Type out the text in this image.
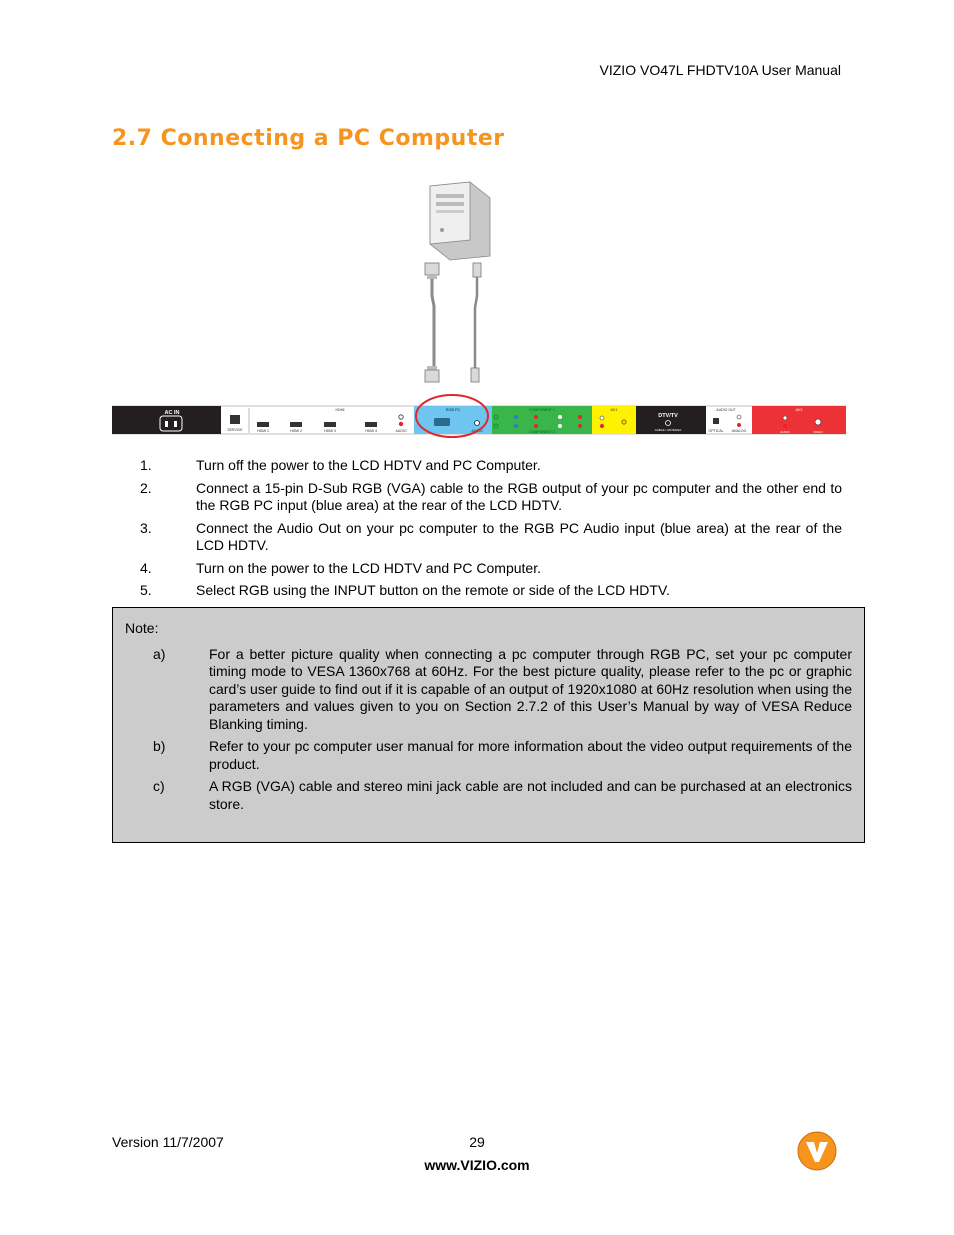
VIZIO VO47L FHDTV10A User Manual
2.7 Connecting a PC Computer
AC IN
SERVICE
HDMI
HDMI 1	HDMI 2	HDMI 3	HDMI 4	AUDIO
RGB PC
AUDIO
COMPONENT 1
COMPONENT 2
AV1
DTV/TV
CABLE / ANTENNA
AUDIO OUT
OPTICAL ANALOG
AV2
AUDIO	VIDEO
1.	Turn off the power to the LCD HDTV and PC Computer.
2.	Connect a 15-pin D-Sub RGB (VGA) cable to the RGB output of your pc computer and the other end to the RGB PC input (blue area) at the rear of the LCD HDTV.
3.	Connect the Audio Out on your pc computer to the RGB PC Audio input (blue area) at the rear of the LCD HDTV.
4.	Turn on the power to the LCD HDTV and PC Computer.
5.	Select RGB using the INPUT button on the remote or side of the LCD HDTV.
Note:
a)	For a better picture quality when connecting a pc computer through RGB PC, set your pc computer timing mode to VESA 1360x768 at 60Hz. For the best picture quality, please refer to the pc or graphic card’s user guide to find out if it is capable of an output of 1920x1080 at 60Hz resolution when using the parameters and values given to you on Section 2.7.2 of this User’s Manual by way of VESA Reduce Blanking timing.
b)	Refer to your pc computer user manual for more information about the video output requirements of the product.
c)	A RGB (VGA) cable and stereo mini jack cable are not included and can be purchased at an electronics store.
Version 11/7/2007	29
www.VIZIO.com
